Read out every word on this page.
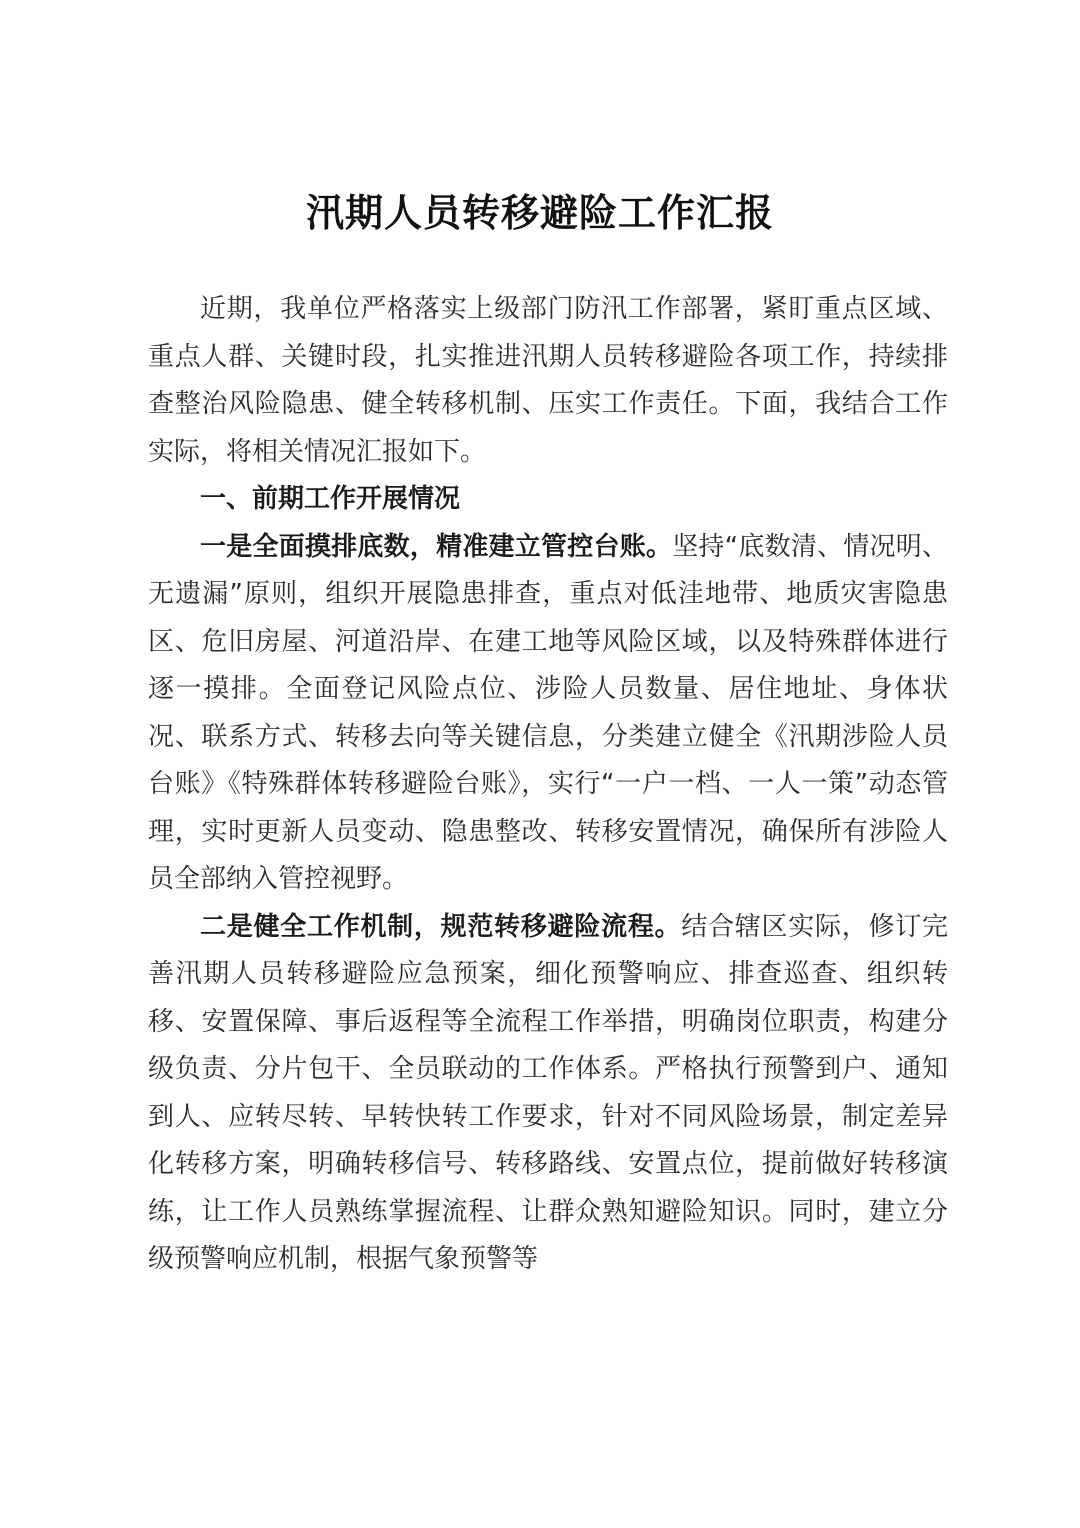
汛期人员转移避险工作汇报

近期，我单位严格落实上级部门防汛工作部署，紧盯重点区域、重点人群、关键时段，扎实推进汛期人员转移避险各项工作，持续排查整治风险隐患、健全转移机制、压实工作责任。下面，我结合工作实际，将相关情况汇报如下。

一、前期工作开展情况

一是全面摸排底数，精准建立管控台账。坚持“底数清、情况明、无遗漏”原则，组织开展隐患排查，重点对低洼地带、地质灾害隐患区、危旧房屋、河道沿岸、在建工地等风险区域，以及特殊群体进行逐一摸排。全面登记风险点位、涉险人员数量、居住地址、身体状况、联系方式、转移去向等关键信息，分类建立健全《汛期涉险人员台账》《特殊群体转移避险台账》，实行“一户一档、一人一策”动态管理，实时更新人员变动、隐患整改、转移安置情况，确保所有涉险人员全部纳入管控视野。

二是健全工作机制，规范转移避险流程。结合辖区实际，修订完善汛期人员转移避险应急预案，细化预警响应、排查巡查、组织转移、安置保障、事后返程等全流程工作举措，明确岗位职责，构建分级负责、分片包干、全员联动的工作体系。严格执行预警到户、通知到人、应转尽转、早转快转工作要求，针对不同风险场景，制定差异化转移方案，明确转移信号、转移路线、安置点位，提前做好转移演练，让工作人员熟练掌握流程、让群众熟知避险知识。同时，建立分级预警响应机制，根据气象预警等
